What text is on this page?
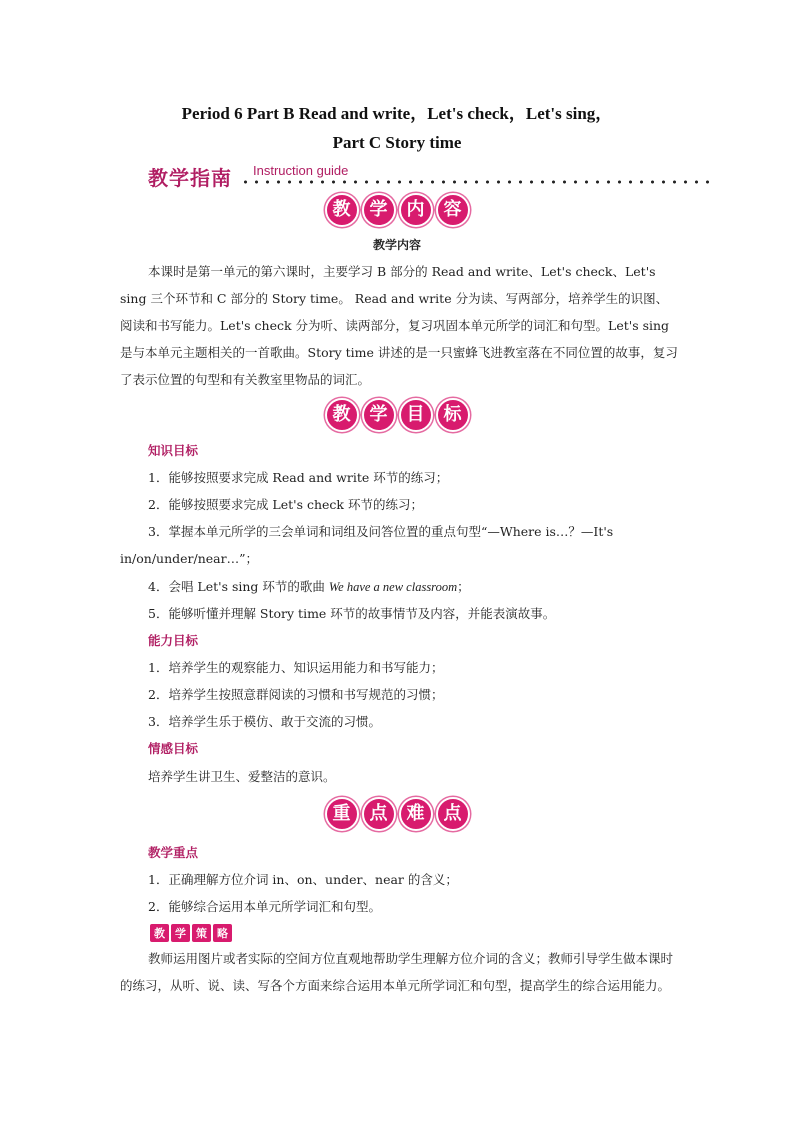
Period 6 Part B Read and write，Let's check，Let's sing，
Part C Story time
教学指南 Instruction guide
教	学	内	容
教学内容
本课时是第一单元的第六课时，主要学习 B 部分的 Read and write、Let's check、Let's sing 三个环节和 C 部分的 Story time。 Read and write 分为读、写两部分，培养学生的识图、阅读和书写能力。Let's check 分为听、读两部分，复习巩固本单元所学的词汇和句型。Let's sing 是与本单元主题相关的一首歌曲。Story time 讲述的是一只蜜蜂飞进教室落在不同位置的故事，复习了表示位置的句型和有关教室里物品的词汇。
教	学	目	标
知识目标
1．能够按照要求完成 Read and write 环节的练习；
2．能够按照要求完成 Let's check 环节的练习；
3．掌握本单元所学的三会单词和词组及问答位置的重点句型“—Where is…？—It's
in/on/under/near…”；
4．会唱 Let's sing 环节的歌曲 We have a new classroom；
5．能够听懂并理解 Story time 环节的故事情节及内容，并能表演故事。
能力目标
1．培养学生的观察能力、知识运用能力和书写能力；
2．培养学生按照意群阅读的习惯和书写规范的习惯；
3．培养学生乐于模仿、敢于交流的习惯。
情感目标
培养学生讲卫生、爱整洁的意识。
重	点	难	点
教学重点
1．正确理解方位介词 in、on、under、near 的含义；
2．能够综合运用本单元所学词汇和句型。
教 学 策 略
教师运用图片或者实际的空间方位直观地帮助学生理解方位介词的含义；教师引导学生做本课时的练习，从听、说、读、写各个方面来综合运用本单元所学词汇和句型，提高学生的综合运用能力。
